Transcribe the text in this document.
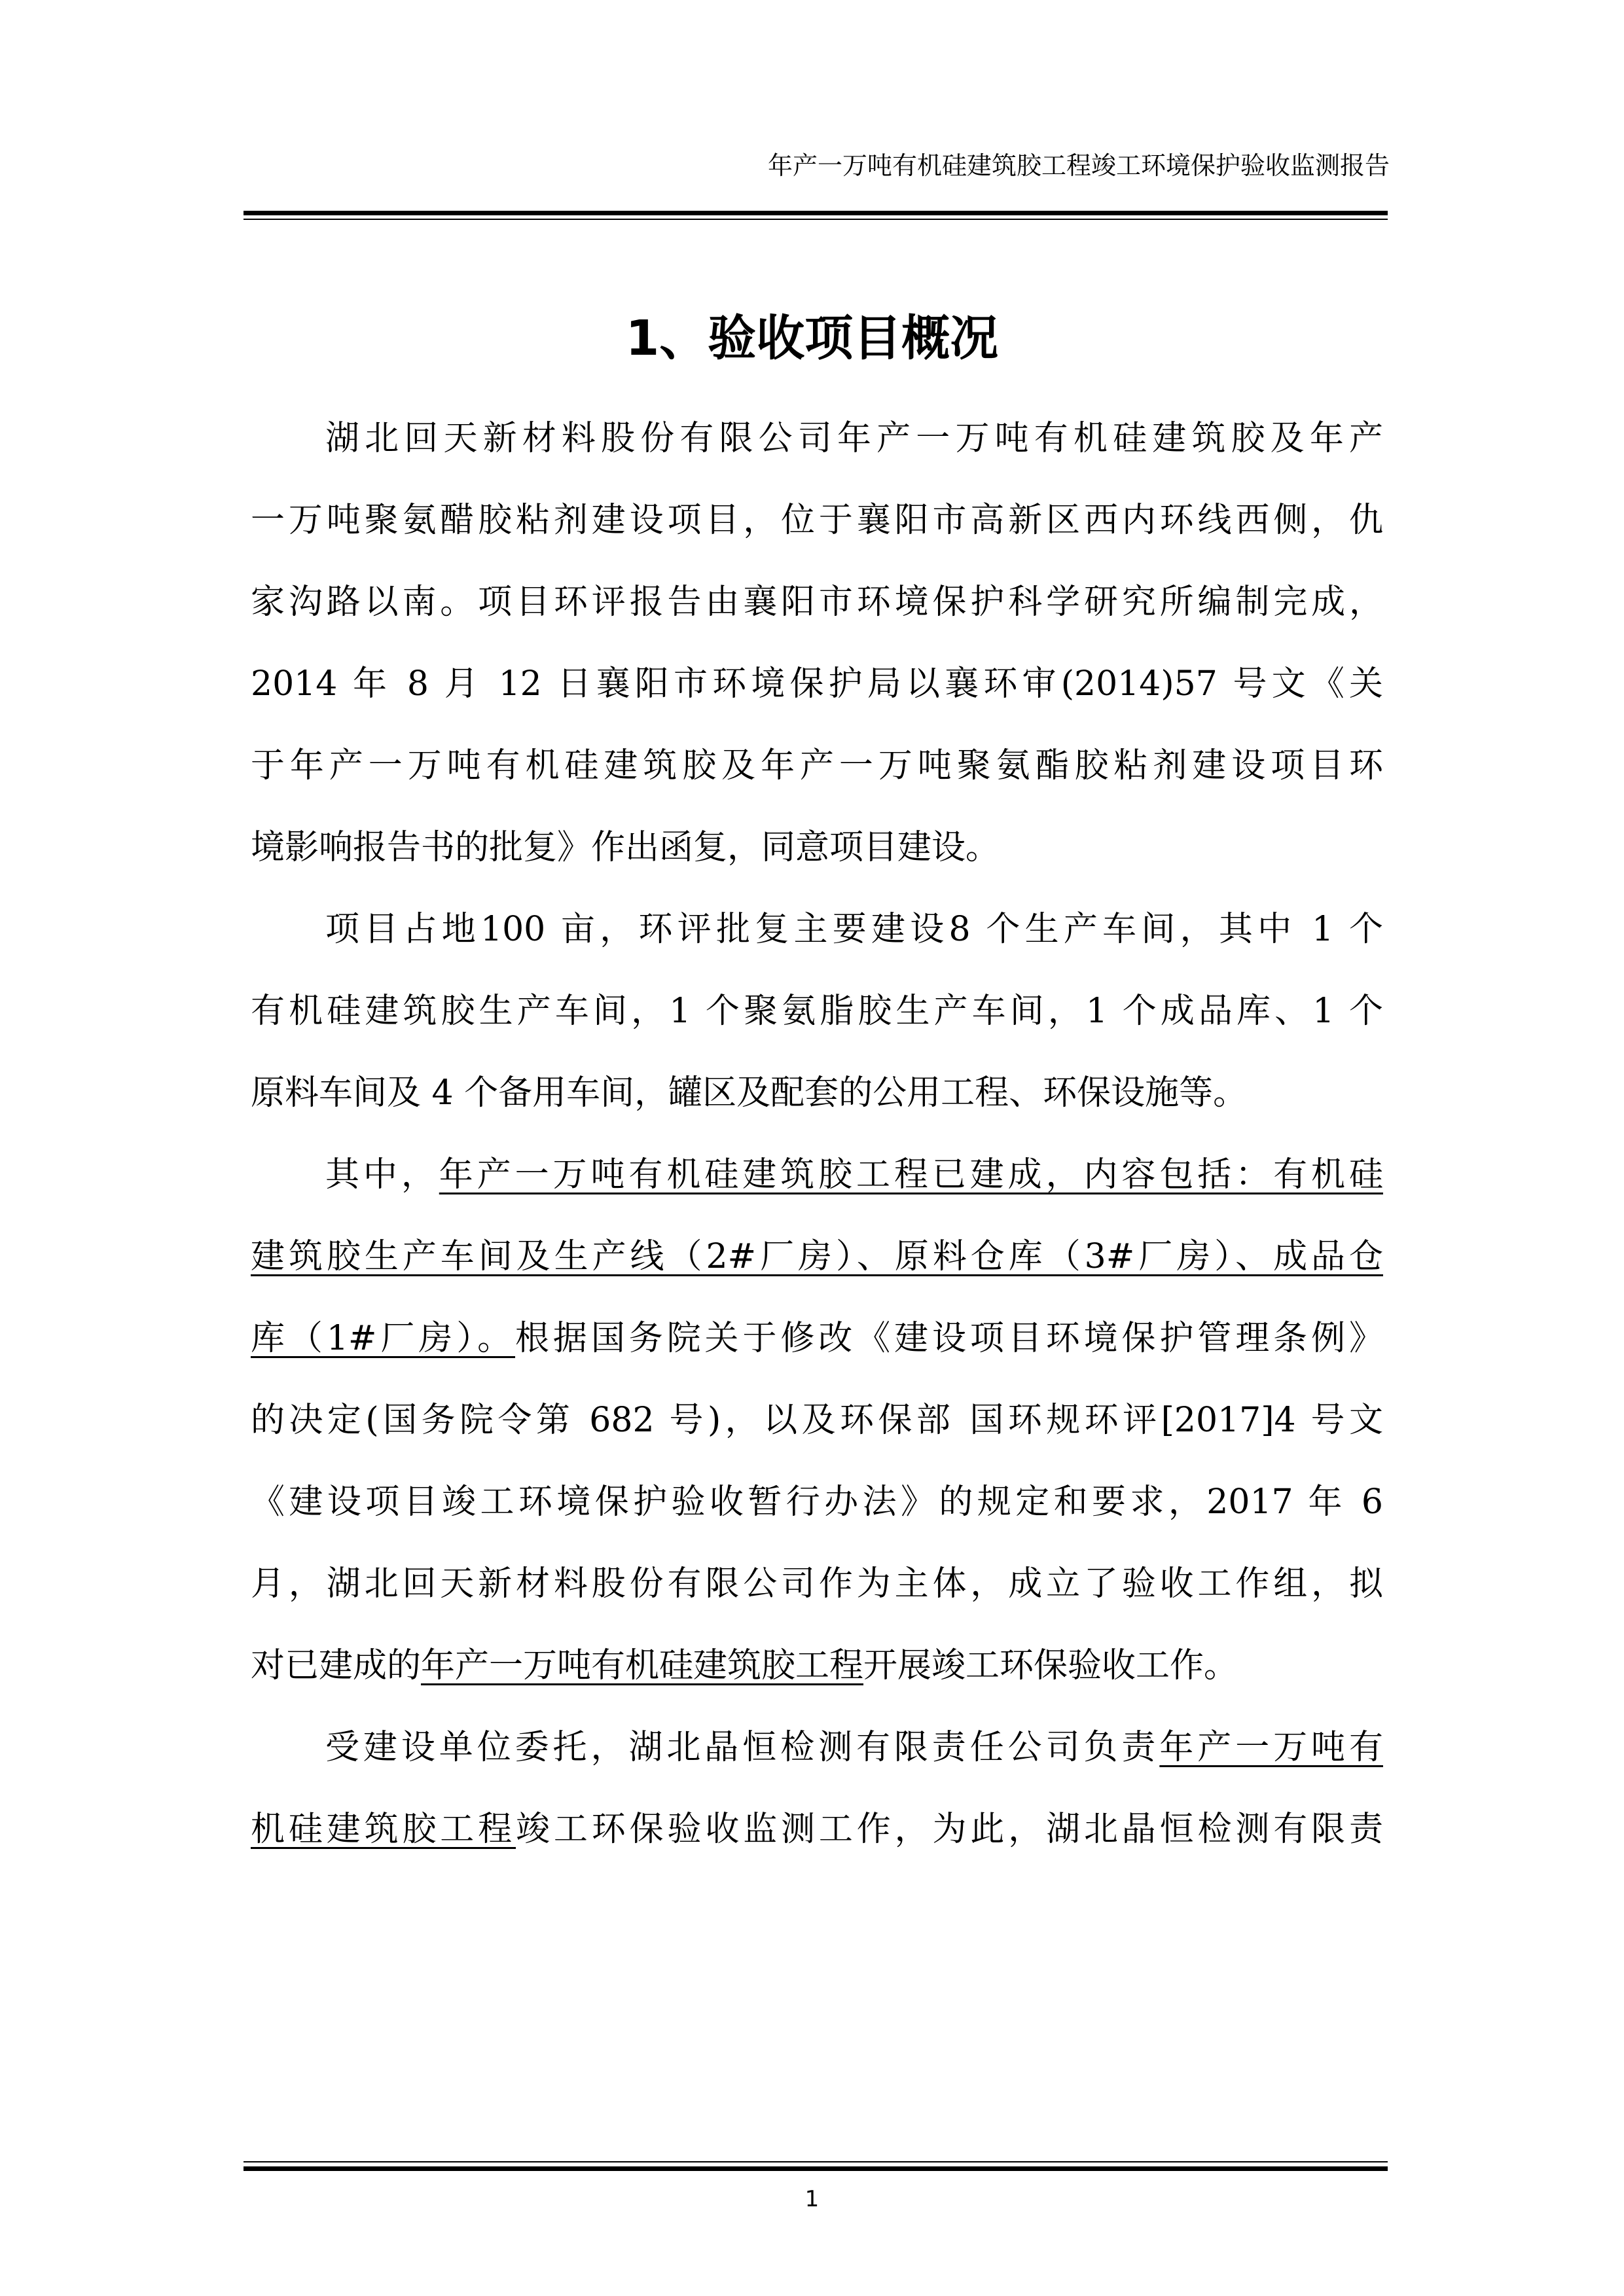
年产一万吨有机硅建筑胶工程竣工环境保护验收监测报告
1、验收项目概况
湖北回天新材料股份有限公司年产一万吨有机硅建筑胶及年产
一万吨聚氨醋胶粘剂建设项目，位于襄阳市高新区西内环线西侧，仇
家沟路以南。项目环评报告由襄阳市环境保护科学研究所编制完成，
2014 年 8 月 12 日襄阳市环境保护局以襄环审(2014)57 号文《关
于年产一万吨有机硅建筑胶及年产一万吨聚氨酯胶粘剂建设项目环
境影响报告书的批复》作出函复，同意项目建设。
项目占地100 亩，环评批复主要建设8 个生产车间，其中 1 个
有机硅建筑胶生产车间，1 个聚氨脂胶生产车间，1 个成品库、1 个
原料车间及 4 个备用车间，罐区及配套的公用工程、环保设施等。
其中，年产一万吨有机硅建筑胶工程已建成，内容包括：有机硅
建筑胶生产车间及生产线（2#厂房）、原料仓库（3#厂房）、成品仓
库（1#厂房）。根据国务院关于修改《建设项目环境保护管理条例》
的决定(国务院令第 682 号)，以及环保部 国环规环评[2017]4 号文
《建设项目竣工环境保护验收暂行办法》的规定和要求，2017 年 6
月，湖北回天新材料股份有限公司作为主体，成立了验收工作组，拟
对已建成的年产一万吨有机硅建筑胶工程开展竣工环保验收工作。
受建设单位委托，湖北晶恒检测有限责任公司负责年产一万吨有
机硅建筑胶工程竣工环保验收监测工作，为此，湖北晶恒检测有限责
1
